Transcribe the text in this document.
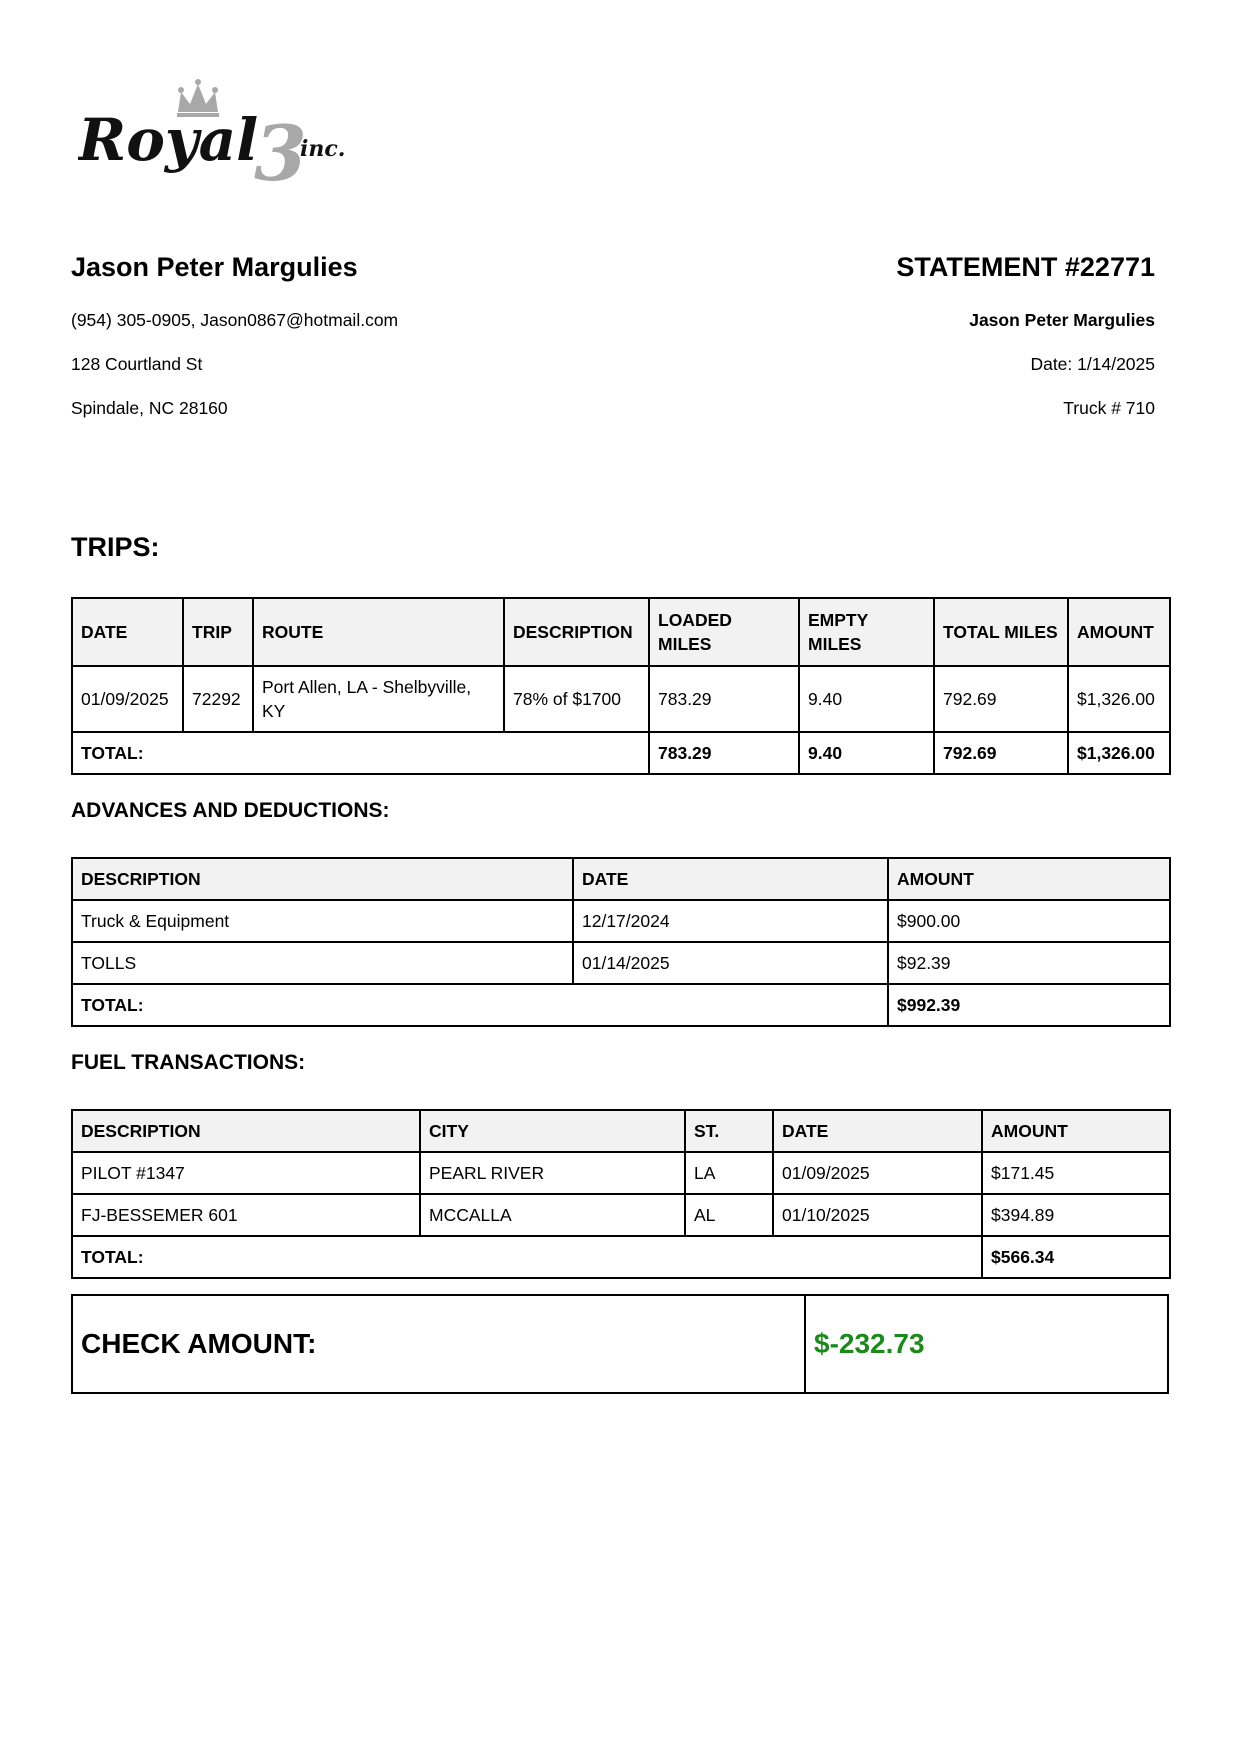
Royal
3
inc.
Jason Peter Margulies
(954) 305-0905, Jason0867@hotmail.com
128 Courtland St
Spindale, NC 28160
STATEMENT #22771
Jason Peter Margulies
Date: 1/14/2025
Truck # 710
TRIPS:
DATE	TRIP	ROUTE	DESCRIPTION	LOADED MILES	EMPTY MILES	TOTAL MILES	AMOUNT
01/09/2025	72292	Port Allen, LA - Shelbyville, KY	78% of $1700	783.29	9.40	792.69	$1,326.00
TOTAL:				783.29	9.40	792.69	$1,326.00
ADVANCES AND DEDUCTIONS:
DESCRIPTION	DATE	AMOUNT
Truck & Equipment	12/17/2024	$900.00
TOLLS	01/14/2025	$92.39
TOTAL:		$992.39
FUEL TRANSACTIONS:
DESCRIPTION	CITY	ST.	DATE	AMOUNT
PILOT #1347	PEARL RIVER	LA	01/09/2025	$171.45
FJ-BESSEMER 601	MCCALLA	AL	01/10/2025	$394.89
TOTAL:				$566.34
CHECK AMOUNT:	$-232.73
